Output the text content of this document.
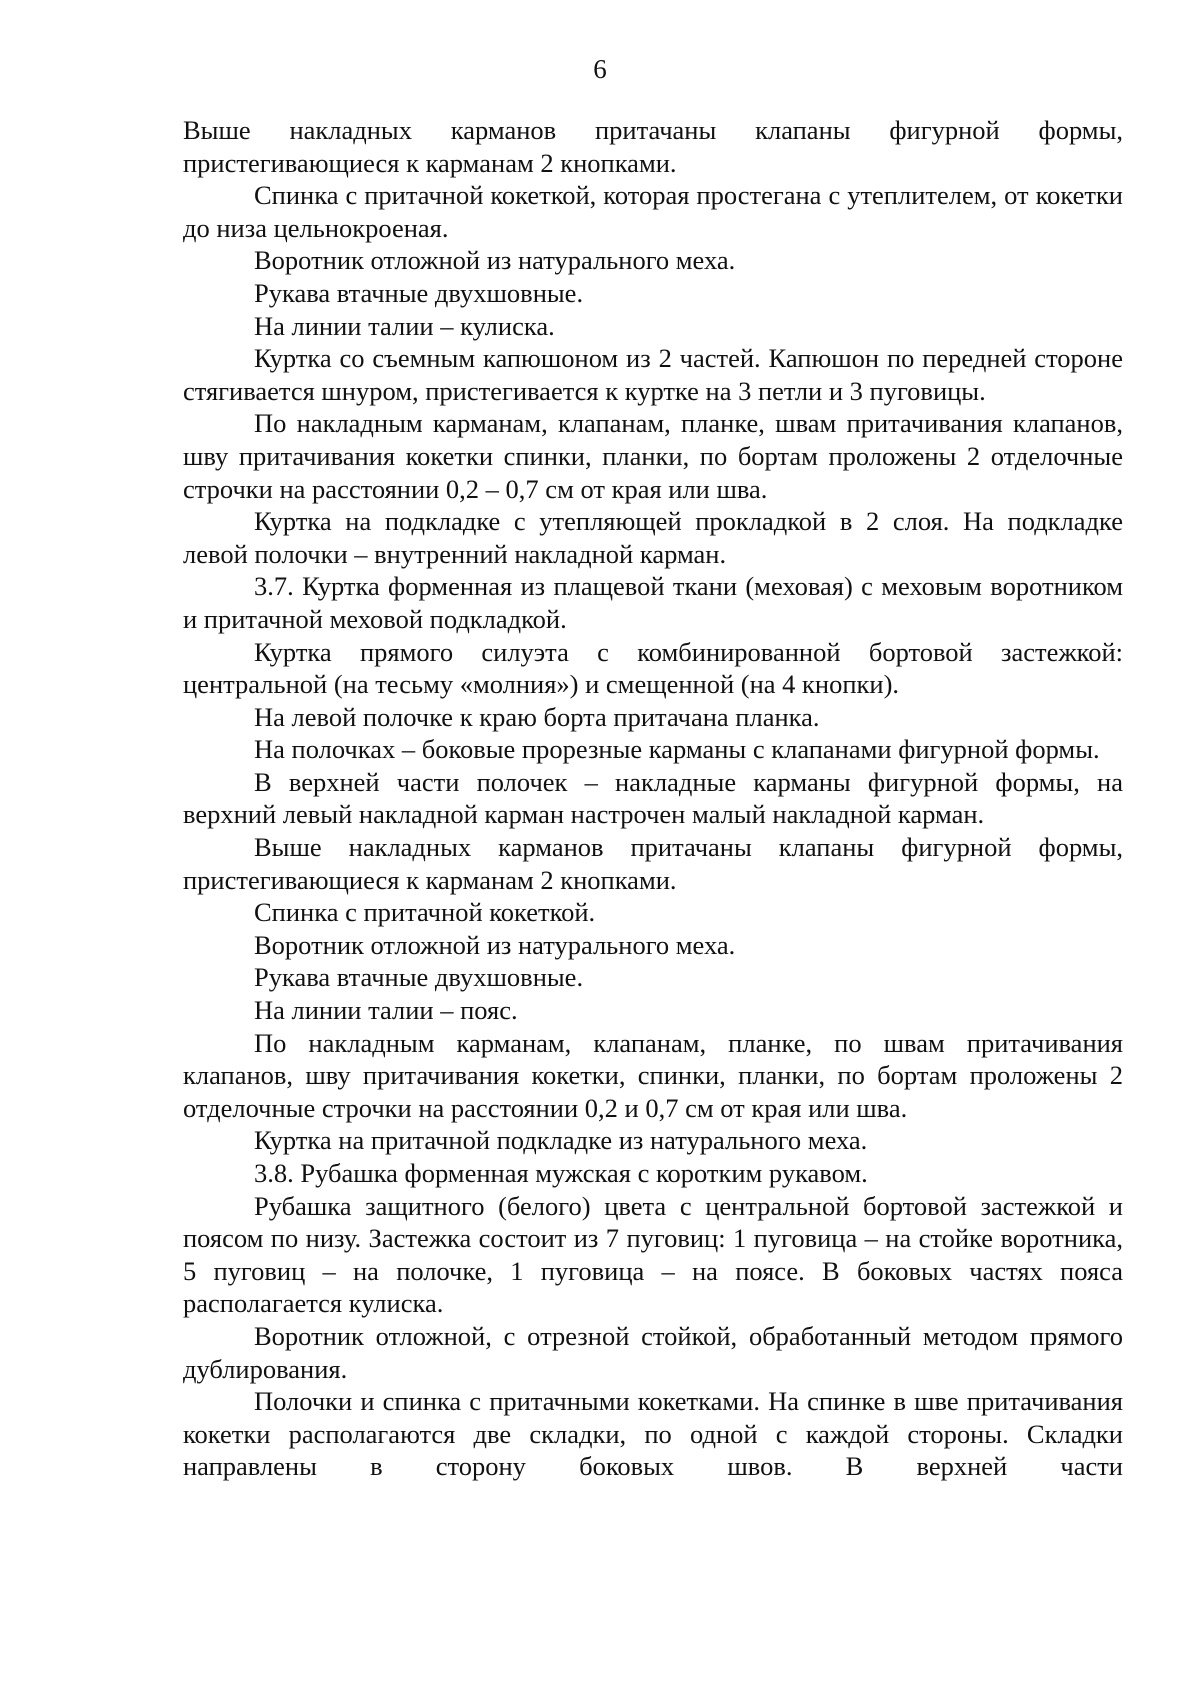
6

Выше накладных карманов притачаны клапаны фигурной формы, пристегивающиеся к карманам 2 кнопками.

Спинка с притачной кокеткой, которая простегана с утеплителем, от кокетки до низа цельнокроеная.

Воротник отложной из натурального меха.

Рукава втачные двухшовные.

На линии талии – кулиска.

Куртка со съемным капюшоном из 2 частей. Капюшон по передней стороне стягивается шнуром, пристегивается к куртке на 3 петли и 3 пуговицы.

По накладным карманам, клапанам, планке, швам притачивания клапанов, шву притачивания кокетки спинки, планки, по бортам проложены 2 отделочные строчки на расстоянии 0,2 – 0,7 см от края или шва.

Куртка на подкладке с утепляющей прокладкой в 2 слоя. На подкладке левой полочки – внутренний накладной карман.

3.7. Куртка форменная из плащевой ткани (меховая) с меховым воротником и притачной меховой подкладкой.

Куртка прямого силуэта с комбинированной бортовой застежкой: центральной (на тесьму «молния») и смещенной (на 4 кнопки).

На левой полочке к краю борта притачана планка.

На полочках – боковые прорезные карманы с клапанами фигурной формы.

В верхней части полочек – накладные карманы фигурной формы, на верхний левый накладной карман настрочен малый накладной карман.

Выше накладных карманов притачаны клапаны фигурной формы, пристегивающиеся к карманам 2 кнопками.

Спинка с притачной кокеткой.

Воротник отложной из натурального меха.

Рукава втачные двухшовные.

На линии талии – пояс.

По накладным карманам, клапанам, планке, по швам притачивания клапанов, шву притачивания кокетки, спинки, планки, по бортам проложены 2 отделочные строчки на расстоянии 0,2 и 0,7 см от края или шва.

Куртка на притачной подкладке из натурального меха.

3.8. Рубашка форменная мужская с коротким рукавом.

Рубашка защитного (белого) цвета с центральной бортовой застежкой и поясом по низу. Застежка состоит из 7 пуговиц: 1 пуговица – на стойке воротника, 5 пуговиц – на полочке, 1 пуговица – на поясе. В боковых частях пояса располагается кулиска.

Воротник отложной, с отрезной стойкой, обработанный методом прямого дублирования.

Полочки и спинка с притачными кокетками. На спинке в шве притачивания кокетки располагаются две складки, по одной с каждой стороны. Складки направлены в сторону боковых швов. В верхней части
